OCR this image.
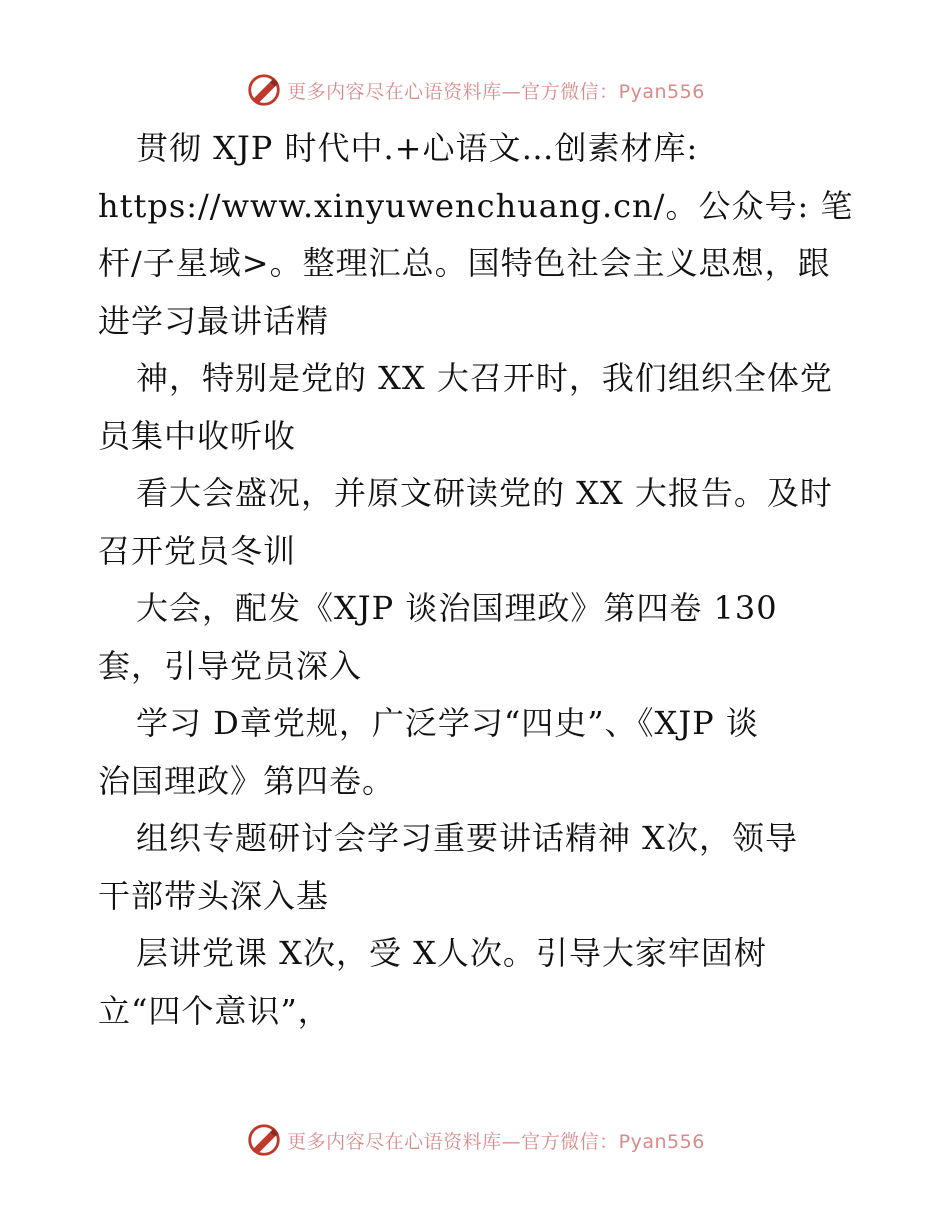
更多内容尽在心语资料库—官方微信：Pyan556
贯彻 XJP 时代中.+心语文…创素材库:
https://www.xinyuwenchuang.cn/。公众号: 笔
杆/子星域>。整理汇总。国特色社会主义思想，跟
进学习最讲话精
神，特别是党的 XX 大召开时，我们组织全体党
员集中收听收
看大会盛况，并原文研读党的 XX 大报告。及时
召开党员冬训
大会，配发《XJP 谈治国理政》第四卷 130
套，引导党员深入
学习 D章党规，广泛学习“四史”、《XJP 谈
治国理政》第四卷。
组织专题研讨会学习重要讲话精神 X次，领导
干部带头深入基
层讲党课 X次，受 X人次。引导大家牢固树
立“四个意识”，
更多内容尽在心语资料库—官方微信：Pyan556
